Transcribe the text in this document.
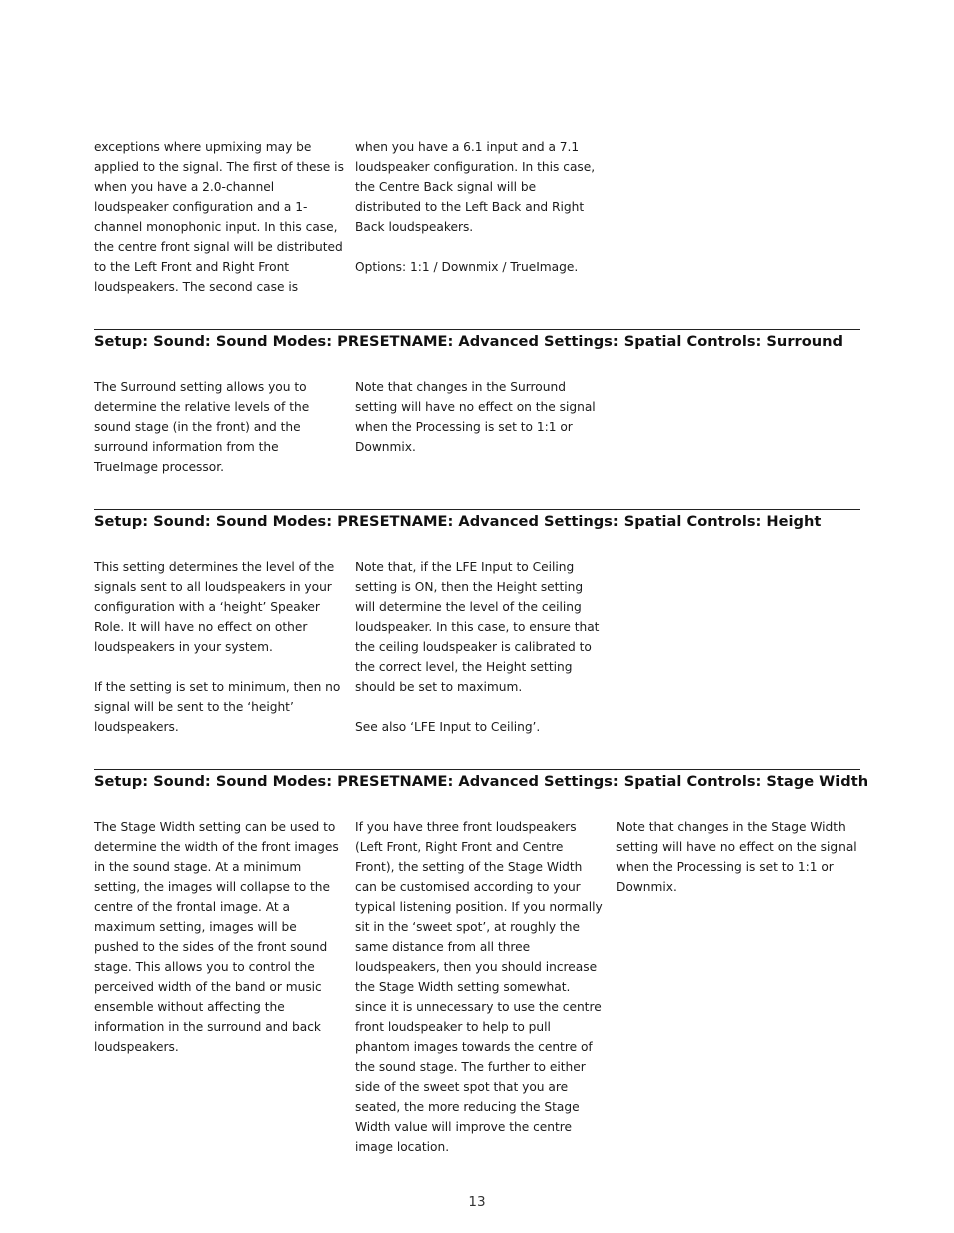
exceptions where upmixing may be applied to the signal. The first of these is when you have a 2.0-channel loudspeaker configuration and a 1-channel monophonic input. In this case, the centre front signal will be distributed to the Left Front and Right Front loudspeakers. The second case is

when you have a 6.1 input and a 7.1 loudspeaker configuration. In this case, the Centre Back signal will be distributed to the Left Back and Right Back loudspeakers.

Options: 1:1 / Downmix / TrueImage.

Setup: Sound: Sound Modes: PRESETNAME: Advanced Settings: Spatial Controls: Surround

The Surround setting allows you to determine the relative levels of the sound stage (in the front) and the surround information from the TrueImage processor.

Note that changes in the Surround setting will have no effect on the signal when the Processing is set to 1:1 or Downmix.

Setup: Sound: Sound Modes: PRESETNAME: Advanced Settings: Spatial Controls: Height

This setting determines the level of the signals sent to all loudspeakers in your configuration with a ‘height’ Speaker Role. It will have no effect on other loudspeakers in your system.

If the setting is set to minimum, then no signal will be sent to the ‘height’ loudspeakers.

Note that, if the LFE Input to Ceiling setting is ON, then the Height setting will determine the level of the ceiling loudspeaker. In this case, to ensure that the ceiling loudspeaker is calibrated to the correct level, the Height setting should be set to maximum.

See also ‘LFE Input to Ceiling’.

Setup: Sound: Sound Modes: PRESETNAME: Advanced Settings: Spatial Controls: Stage Width

The Stage Width setting can be used to determine the width of the front images in the sound stage. At a minimum setting, the images will collapse to the centre of the frontal image. At a maximum setting, images will be pushed to the sides of the front sound stage. This allows you to control the perceived width of the band or music ensemble without affecting the information in the surround and back loudspeakers.

If you have three front loudspeakers (Left Front, Right Front and Centre Front), the setting of the Stage Width can be customised according to your typical listening position. If you normally sit in the ‘sweet spot’, at roughly the same distance from all three loudspeakers, then you should increase the Stage Width setting somewhat. since it is unnecessary to use the centre front loudspeaker to help to pull phantom images towards the centre of the sound stage. The further to either side of the sweet spot that you are seated, the more reducing the Stage Width value will improve the centre image location.

Note that changes in the Stage Width setting will have no effect on the signal when the Processing is set to 1:1 or Downmix.

13
